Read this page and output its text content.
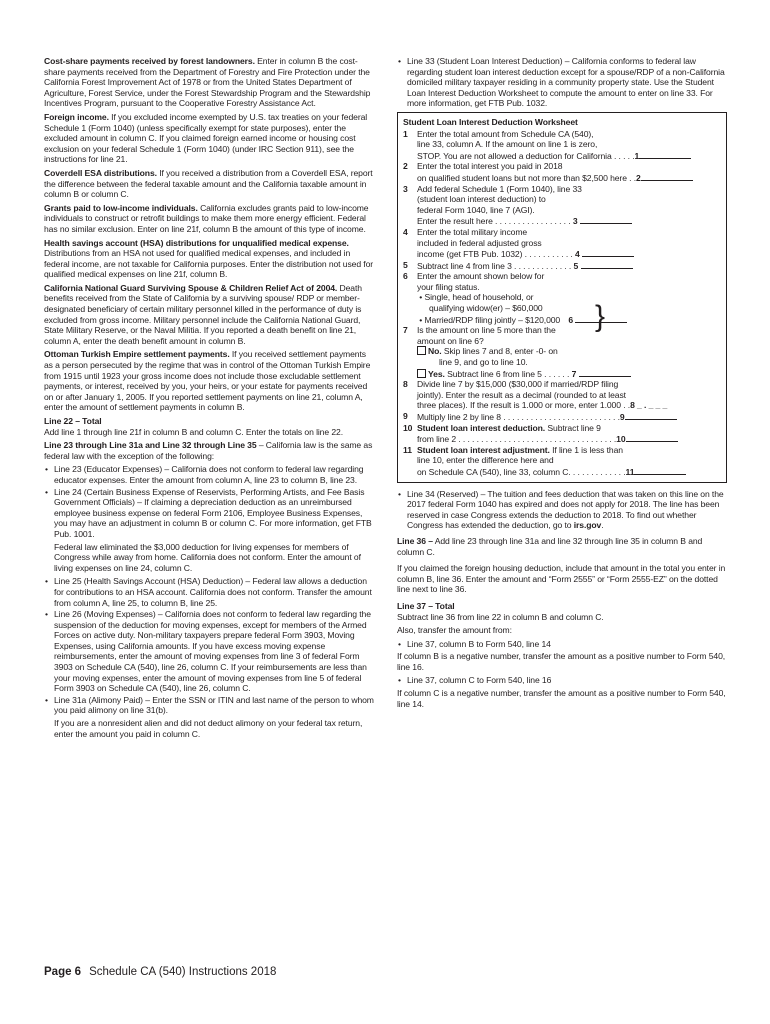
Cost-share payments received by forest landowners. Enter in column B the cost-share payments received from the Department of Forestry and Fire Protection under the California Forest Improvement Act of 1978 or from the United States Department of Agriculture, Forest Service, under the Forest Stewardship Program and the Stewardship Incentives Program, pursuant to the Cooperative Forestry Assistance Act.

Foreign income. If you excluded income exempted by U.S. tax treaties on your federal Schedule 1 (Form 1040) (unless specifically exempt for state purposes), enter the excluded amount in column C. If you claimed foreign earned income or housing cost exclusion on your federal Schedule 1 (Form 1040) (under IRC Section 911), see the instructions for line 21.

Coverdell ESA distributions. If you received a distribution from a Coverdell ESA, report the difference between the federal taxable amount and the California taxable amount in column B or column C.

Grants paid to low-income individuals. California excludes grants paid to low-income individuals to construct or retrofit buildings to make them more energy efficient. Federal has no similar exclusion. Enter on line 21f, column B the amount of this type of income.

Health savings account (HSA) distributions for unqualified medical expense. Distributions from an HSA not used for qualified medical expenses, and included in federal income, are not taxable for California purposes. Enter the distribution not used for qualified medical expenses on line 21f, column B.

California National Guard Surviving Spouse & Children Relief Act of 2004. Death benefits received from the State of California by a surviving spouse/ RDP or member-designated beneficiary of certain military personnel killed in the performance of duty is excluded from gross income. Military personnel include the California National Guard, State Military Reserve, or the Naval Militia. If you reported a death benefit on line 21, column A, enter the death benefit amount in column B.

Ottoman Turkish Empire settlement payments. If you received settlement payments as a person persecuted by the regime that was in control of the Ottoman Turkish Empire from 1915 until 1923 your gross income does not include those excludable settlement payments, or interest, received by you, your heirs, or your estate for payments received on or after January 1, 2005. If you reported settlement payments on line 21, column A, enter the amount of settlement payments in column B.

Line 22 – Total

Add line 1 through line 21f in column B and column C. Enter the totals on line 22.

Line 23 through Line 31a and Line 32 through Line 35 – California law is the same as federal law with the exception of the following:

• Line 23 (Educator Expenses) – California does not conform to federal law regarding educator expenses. Enter the amount from column A, line 23 to column B, line 23.
• Line 24 (Certain Business Expense of Reservists, Performing Artists, and Fee Basis Government Officials) – If claiming a depreciation deduction as an unreimbursed employee business expense on federal Form 2106, Employee Business Expenses, you may have an adjustment in column B or column C. For more information, get FTB Pub. 1001.

Federal law eliminated the $3,000 deduction for living expenses for members of Congress while away from home. California does not conform. Enter the amount of living expenses on line 24, column C.

• Line 25 (Health Savings Account (HSA) Deduction) – Federal law allows a deduction for contributions to an HSA account. California does not conform. Transfer the amount from column A, line 25, to column B, line 25.
• Line 26 (Moving Expenses) – California does not conform to federal law regarding the suspension of the deduction for moving expenses, except for members of the Armed Forces on active duty. Non-military taxpayers prepare federal Form 3903, Moving Expenses, using California amounts. If you have excess moving expense reimbursements, enter the amount of moving expenses from line 3 of federal Form 3903 on Schedule CA (540), line 26, column C. If your reimbursements are less than your moving expenses, enter the amount of moving expenses from line 5 of federal Form 3903 on Schedule CA (540), line 26, column C.
• Line 31a (Alimony Paid) – Enter the SSN or ITIN and last name of the person to whom you paid alimony on line 31(b).

If you are a nonresident alien and did not deduct alimony on your federal tax return, enter the amount you paid in column C.

• Line 33 (Student Loan Interest Deduction) – California conforms to federal law regarding student loan interest deduction except for a spouse/RDP of a non-California domiciled military taxpayer residing in a community property state. Use the Student Loan Interest Deduction Worksheet to compute the amount to enter on line 33. For more information, get FTB Pub. 1032.
Student Loan Interest Deduction Worksheet
1	Enter the total amount from Schedule CA (540),
line 33, column A. If the amount on line 1 is zero,
STOP. You are not allowed a deduction for California . . . . .1
2	Enter the total interest you paid in 2018
on qualified student loans but not more than $2,500 here . .2
3	Add federal Schedule 1 (Form 1040), line 33
(student loan interest deduction) to
federal Form 1040, line 7 (AGI).
Enter the result here . . . . . . . . . . . . . . . . . 3
4	Enter the total military income
included in federal adjusted gross
income (get FTB Pub. 1032) . . . . . . . . . . . 4
5	Subtract line 4 from line 3 . . . . . . . . . . . . . 5
6	Enter the amount shown below for
your filing status.
• Single, head of household, or
qualifying widow(er) – $60,000
• Married/RDP filing jointly – $120,000 6 }
7	Is the amount on line 5 more than the
amount on line 6?
No. Skip lines 7 and 8, enter -0- on
line 9, and go to line 10.
Yes. Subtract line 6 from line 5 . . . . . . 7
8	Divide line 7 by $15,000 ($30,000 if married/RDP filing
jointly). Enter the result as a decimal (rounded to at least
three places). If the result is 1.000 or more, enter 1.000 . .8 _ . _ _ _
9	Multiply line 2 by line 8 . . . . . . . . . . . . . . . . . . . . . . . . . .9
10 Student loan interest deduction. Subtract line 9
from line 2 . . . . . . . . . . . . . . . . . . . . . . . . . . . . . . . . . . .10
11 Student loan interest adjustment. If line 1 is less than
line 10, enter the difference here and
on Schedule CA (540), line 33, column C. . . . . . . . . . . . .11
• Line 34 (Reserved) – The tuition and fees deduction that was taken on this line on the 2017 federal Form 1040 has expired and does not apply for 2018. The line has been reserved in case Congress extends the deduction to 2018. To find out whether Congress has extended the deduction, go to irs.gov.

Line 36 – Add line 23 through line 31a and line 32 through line 35 in column B and column C.

If you claimed the foreign housing deduction, include that amount in the total you enter in column B, line 36. Enter the amount and “Form 2555” or “Form 2555-EZ” on the dotted line next to line 36.

Line 37 – Total

Subtract line 36 from line 22 in column B and column C.

Also, transfer the amount from:

• Line 37, column B to Form 540, line 14

If column B is a negative number, transfer the amount as a positive number to Form 540, line 16.

• Line 37, column C to Form 540, line 16

If column C is a negative number, transfer the amount as a positive number to Form 540, line 14.

Page 6 Schedule CA (540) Instructions 2018
